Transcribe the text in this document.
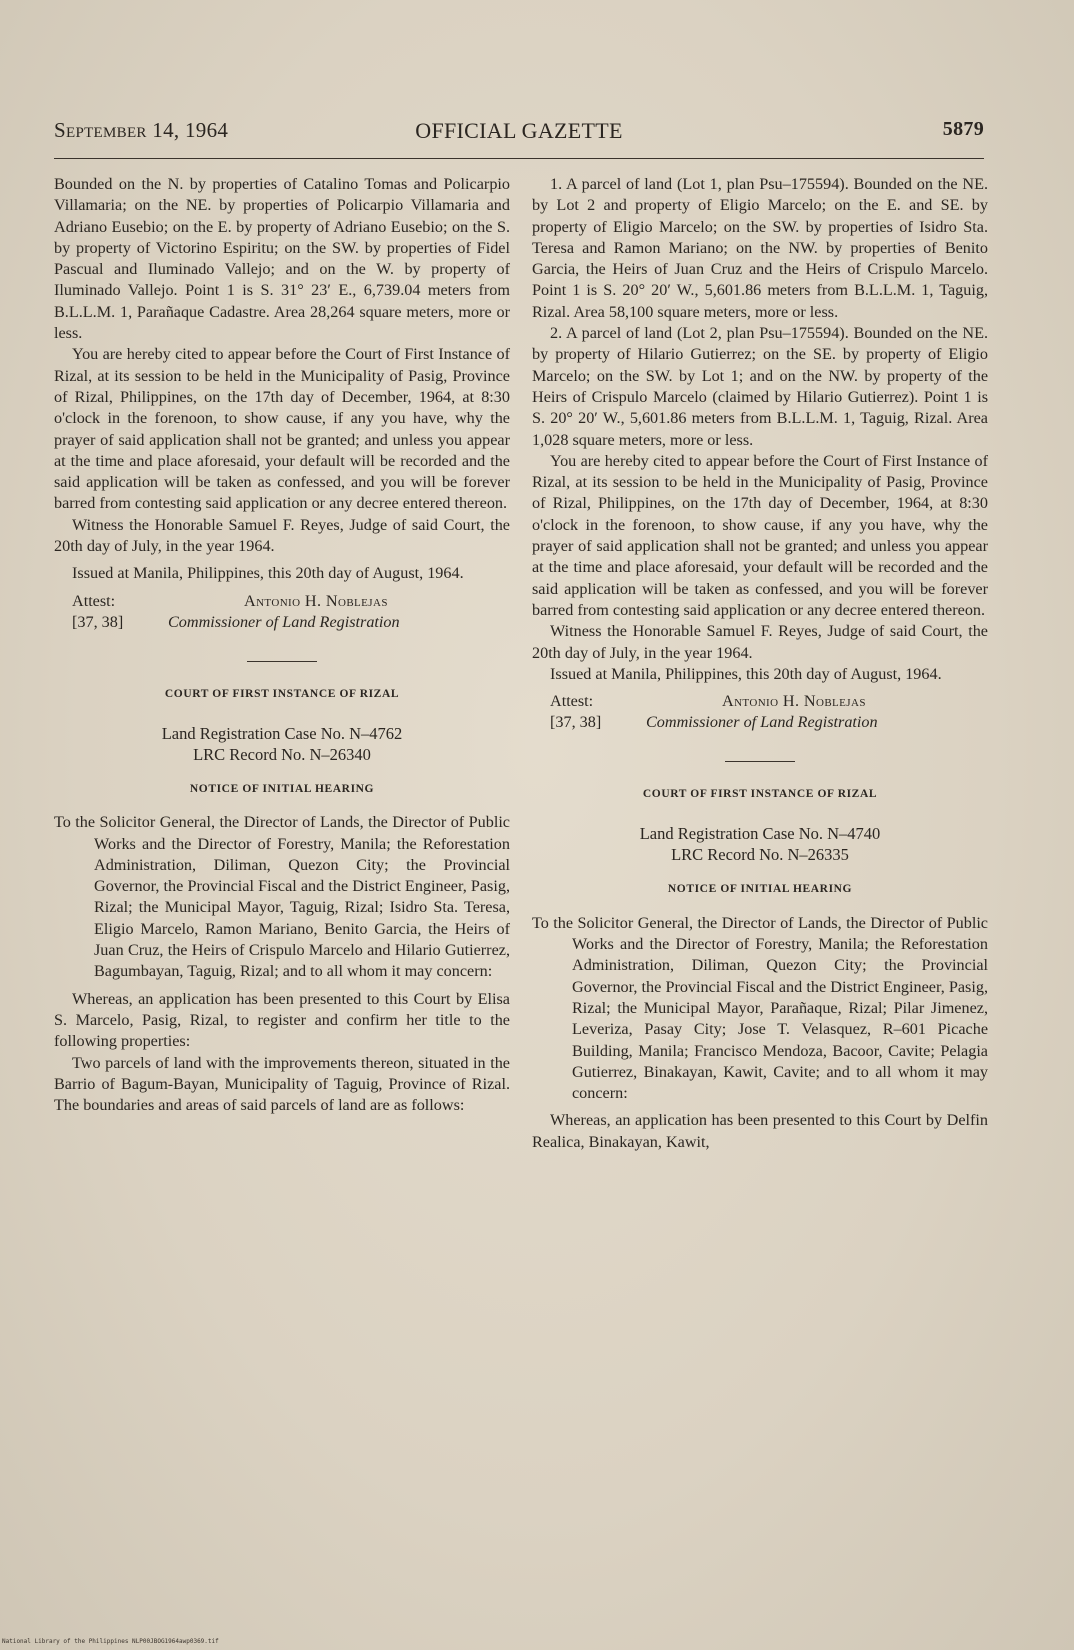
September 14, 1964	OFFICIAL GAZETTE	5879

Bounded on the N. by properties of Catalino Tomas and Policarpio Villamaria; on the NE. by properties of Policarpio Villamaria and Adriano Eusebio; on the E. by property of Adriano Eusebio; on the S. by property of Victorino Espiritu; on the SW. by properties of Fidel Pascual and Iluminado Vallejo; and on the W. by property of Iluminado Vallejo. Point 1 is S. 31° 23′ E., 6,739.04 meters from B.L.L.M. 1, Parañaque Cadastre. Area 28,264 square meters, more or less.

You are hereby cited to appear before the Court of First Instance of Rizal, at its session to be held in the Municipality of Pasig, Province of Rizal, Philippines, on the 17th day of December, 1964, at 8:30 o'clock in the forenoon, to show cause, if any you have, why the prayer of said application shall not be granted; and unless you appear at the time and place aforesaid, your default will be recorded and the said application will be taken as confessed, and you will be forever barred from contesting said application or any decree entered thereon.

Witness the Honorable Samuel F. Reyes, Judge of said Court, the 20th day of July, in the year 1964.

Issued at Manila, Philippines, this 20th day of August, 1964.

Attest:
[37, 38]
Antonio H. Noblejas
Commissioner of Land Registration
COURT OF FIRST INSTANCE OF RIZAL
Land Registration Case No. N–4762
LRC Record No. N–26340
NOTICE OF INITIAL HEARING

To the Solicitor General, the Director of Lands, the Director of Public Works and the Director of Forestry, Manila; the Reforestation Administration, Diliman, Quezon City; the Provincial Governor, the Provincial Fiscal and the District Engineer, Pasig, Rizal; the Municipal Mayor, Taguig, Rizal; Isidro Sta. Teresa, Eligio Marcelo, Ramon Mariano, Benito Garcia, the Heirs of Juan Cruz, the Heirs of Crispulo Marcelo and Hilario Gutierrez, Bagumbayan, Taguig, Rizal; and to all whom it may concern:

Whereas, an application has been presented to this Court by Elisa S. Marcelo, Pasig, Rizal, to register and confirm her title to the following properties:

Two parcels of land with the improvements thereon, situated in the Barrio of Bagum-Bayan, Municipality of Taguig, Province of Rizal. The boundaries and areas of said parcels of land are as follows:

1. A parcel of land (Lot 1, plan Psu–175594). Bounded on the NE. by Lot 2 and property of Eligio Marcelo; on the E. and SE. by property of Eligio Marcelo; on the SW. by properties of Isidro Sta. Teresa and Ramon Mariano; on the NW. by properties of Benito Garcia, the Heirs of Juan Cruz and the Heirs of Crispulo Marcelo. Point 1 is S. 20° 20′ W., 5,601.86 meters from B.L.L.M. 1, Taguig, Rizal. Area 58,100 square meters, more or less.

2. A parcel of land (Lot 2, plan Psu–175594). Bounded on the NE. by property of Hilario Gutierrez; on the SE. by property of Eligio Marcelo; on the SW. by Lot 1; and on the NW. by property of the Heirs of Crispulo Marcelo (claimed by Hilario Gutierrez). Point 1 is S. 20° 20′ W., 5,601.86 meters from B.L.L.M. 1, Taguig, Rizal. Area 1,028 square meters, more or less.

You are hereby cited to appear before the Court of First Instance of Rizal, at its session to be held in the Municipality of Pasig, Province of Rizal, Philippines, on the 17th day of December, 1964, at 8:30 o'clock in the forenoon, to show cause, if any you have, why the prayer of said application shall not be granted; and unless you appear at the time and place aforesaid, your default will be recorded and the said application will be taken as confessed, and you will be forever barred from contesting said application or any decree entered thereon.

Witness the Honorable Samuel F. Reyes, Judge of said Court, the 20th day of July, in the year 1964.

Issued at Manila, Philippines, this 20th day of August, 1964.

Attest:
[37, 38]
Antonio H. Noblejas
Commissioner of Land Registration
COURT OF FIRST INSTANCE OF RIZAL
Land Registration Case No. N–4740
LRC Record No. N–26335
NOTICE OF INITIAL HEARING

To the Solicitor General, the Director of Lands, the Director of Public Works and the Director of Forestry, Manila; the Reforestation Administration, Diliman, Quezon City; the Provincial Governor, the Provincial Fiscal and the District Engineer, Pasig, Rizal; the Municipal Mayor, Parañaque, Rizal; Pilar Jimenez, Leveriza, Pasay City; Jose T. Velasquez, R–601 Picache Building, Manila; Francisco Mendoza, Bacoor, Cavite; Pelagia Gutierrez, Binakayan, Kawit, Cavite; and to all whom it may concern:

Whereas, an application has been presented to this Court by Delfin Realica, Binakayan, Kawit,

National Library of the Philippines NLP00JBOG1964awp0369.tif
